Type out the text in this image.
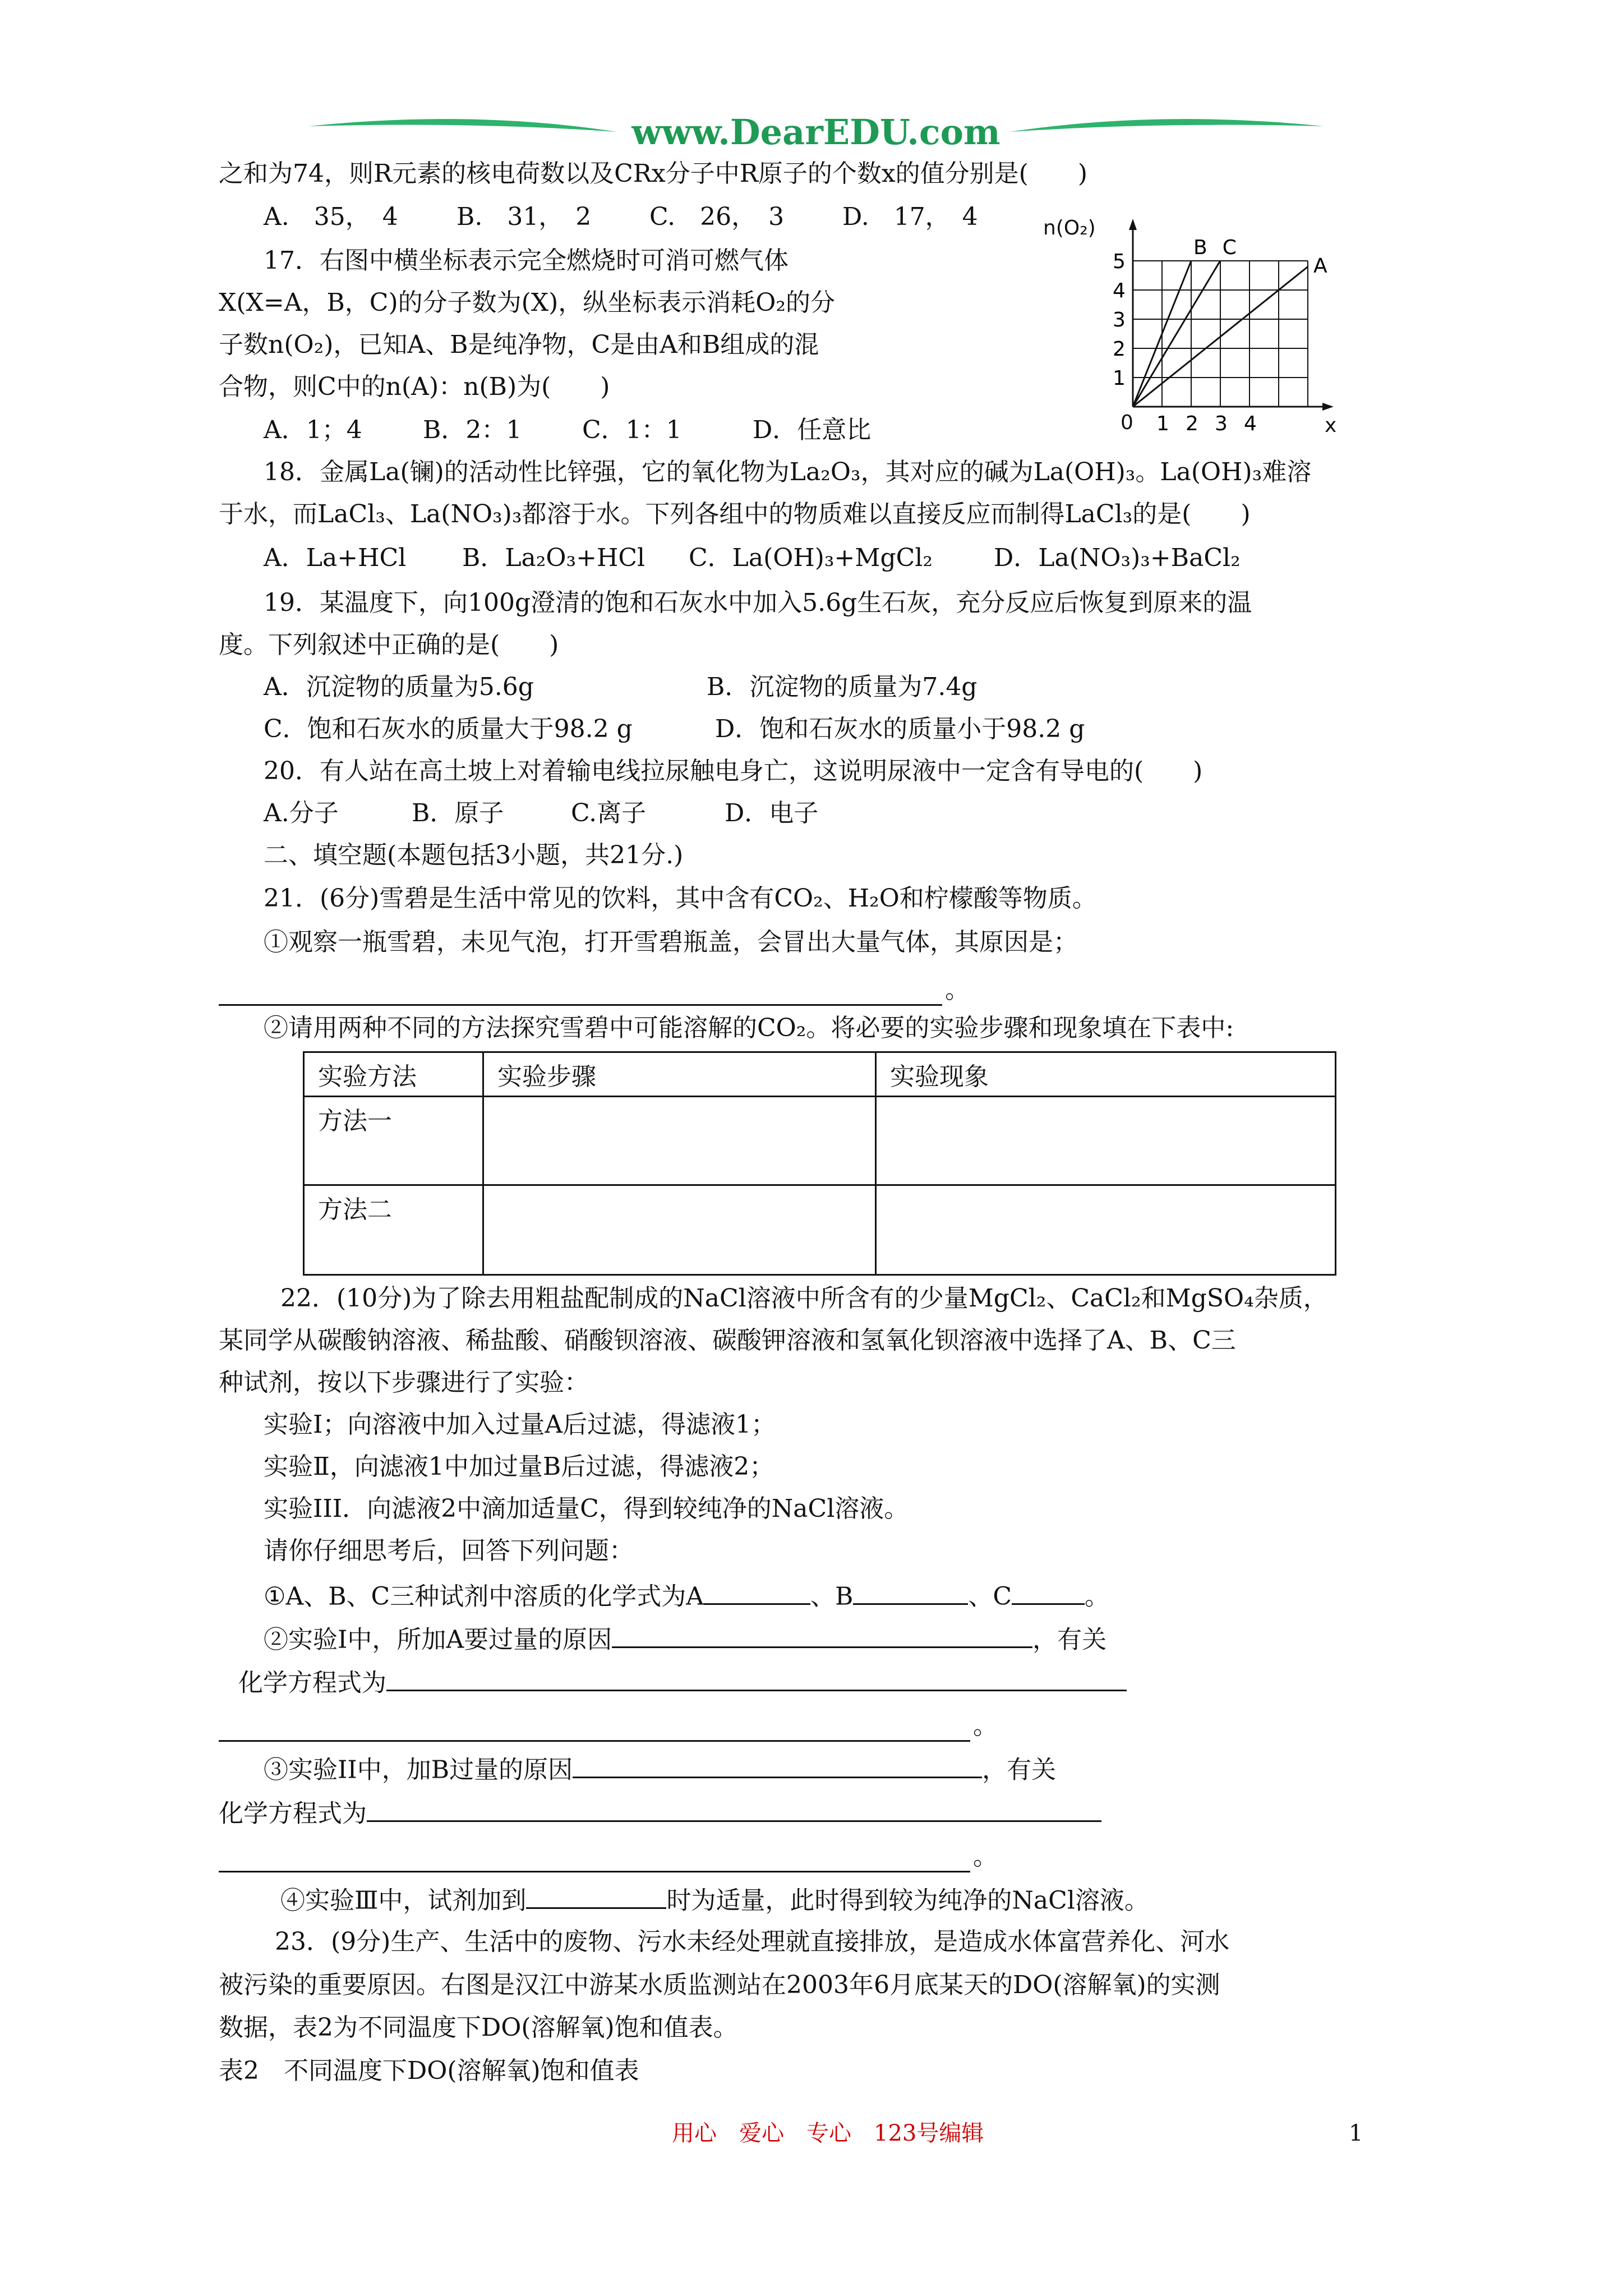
www.DearEDU.com
之和为74，则R元素的核电荷数以及CRx分子中R原子的个数x的值分别是(　　)
A.　35，　4 B.　31，　2 C.　26，　3 D.　17，　4
17．右图中横坐标表示完全燃烧时可消可燃气体
X(X=A，B，C)的分子数为(X)，纵坐标表示消耗O₂的分
子数n(O₂)，已知A、B是纯净物，C是由A和B组成的混
合物，则C中的n(A)：n(B)为(　　)
A．1；4 B．2：1 C．1：1	D．任意比
n(O₂)
x
0
1
2
3
4
5
1 2 3 4
B C
A
18．金属La(镧)的活动性比锌强，它的氧化物为La₂O₃，其对应的碱为La(OH)₃。La(OH)₃难溶
于水，而LaCl₃、La(NO₃)₃都溶于水。下列各组中的物质难以直接反应而制得LaCl₃的是(　　)
A．La+HCl B．La₂O₃+HCl C．La(OH)₃+MgCl₂ D．La(NO₃)₃+BaCl₂
19．某温度下，向100g澄清的饱和石灰水中加入5.6g生石灰，充分反应后恢复到原来的温
度。下列叙述中正确的是(　　)
A．沉淀物的质量为5.6g	B．沉淀物的质量为7.4g
C．饱和石灰水的质量大于98.2 g	D．饱和石灰水的质量小于98.2 g
20．有人站在高土坡上对着输电线拉尿触电身亡，这说明尿液中一定含有导电的(　　)
A.分子	B．原子	C.离子	D．电子
二、填空题(本题包括3小题，共21分.)
21．(6分)雪碧是生活中常见的饮料，其中含有CO₂、H₂O和柠檬酸等物质。
①观察一瓶雪碧，未见气泡，打开雪碧瓶盖，会冒出大量气体，其原因是；
。
②请用两种不同的方法探究雪碧中可能溶解的CO₂。将必要的实验步骤和现象填在下表中:
实验方法	实验步骤	实验现象
方法一		
方法二		
22．(10分)为了除去用粗盐配制成的NaCl溶液中所含有的少量MgCl₂、CaCl₂和MgSO₄杂质，
某同学从碳酸钠溶液、稀盐酸、硝酸钡溶液、碳酸钾溶液和氢氧化钡溶液中选择了A、B、C三
种试剂，按以下步骤进行了实验：
实验Ⅰ；向溶液中加入过量A后过滤，得滤液1；
实验Ⅱ，向滤液1中加过量B后过滤，得滤液2；
实验III．向滤液2中滴加适量C，得到较纯净的NaCl溶液。
请你仔细思考后，回答下列问题：
①A、B、C三种试剂中溶质的化学式为A	、B	、C	。
②实验Ⅰ中，所加A要过量的原因	，有关
化学方程式为
。
③实验II中，加B过量的原因	，有关
化学方程式为
。
④实验Ⅲ中，试剂加到	时为适量，此时得到较为纯净的NaCl溶液。
23．(9分)生产、生活中的废物、污水未经处理就直接排放，是造成水体富营养化、河水
被污染的重要原因。右图是汉江中游某水质监测站在2003年6月底某天的DO(溶解氧)的实测
数据，表2为不同温度下DO(溶解氧)饱和值表。
表2　不同温度下DO(溶解氧)饱和值表
用心　爱心　专心　123号编辑	1
